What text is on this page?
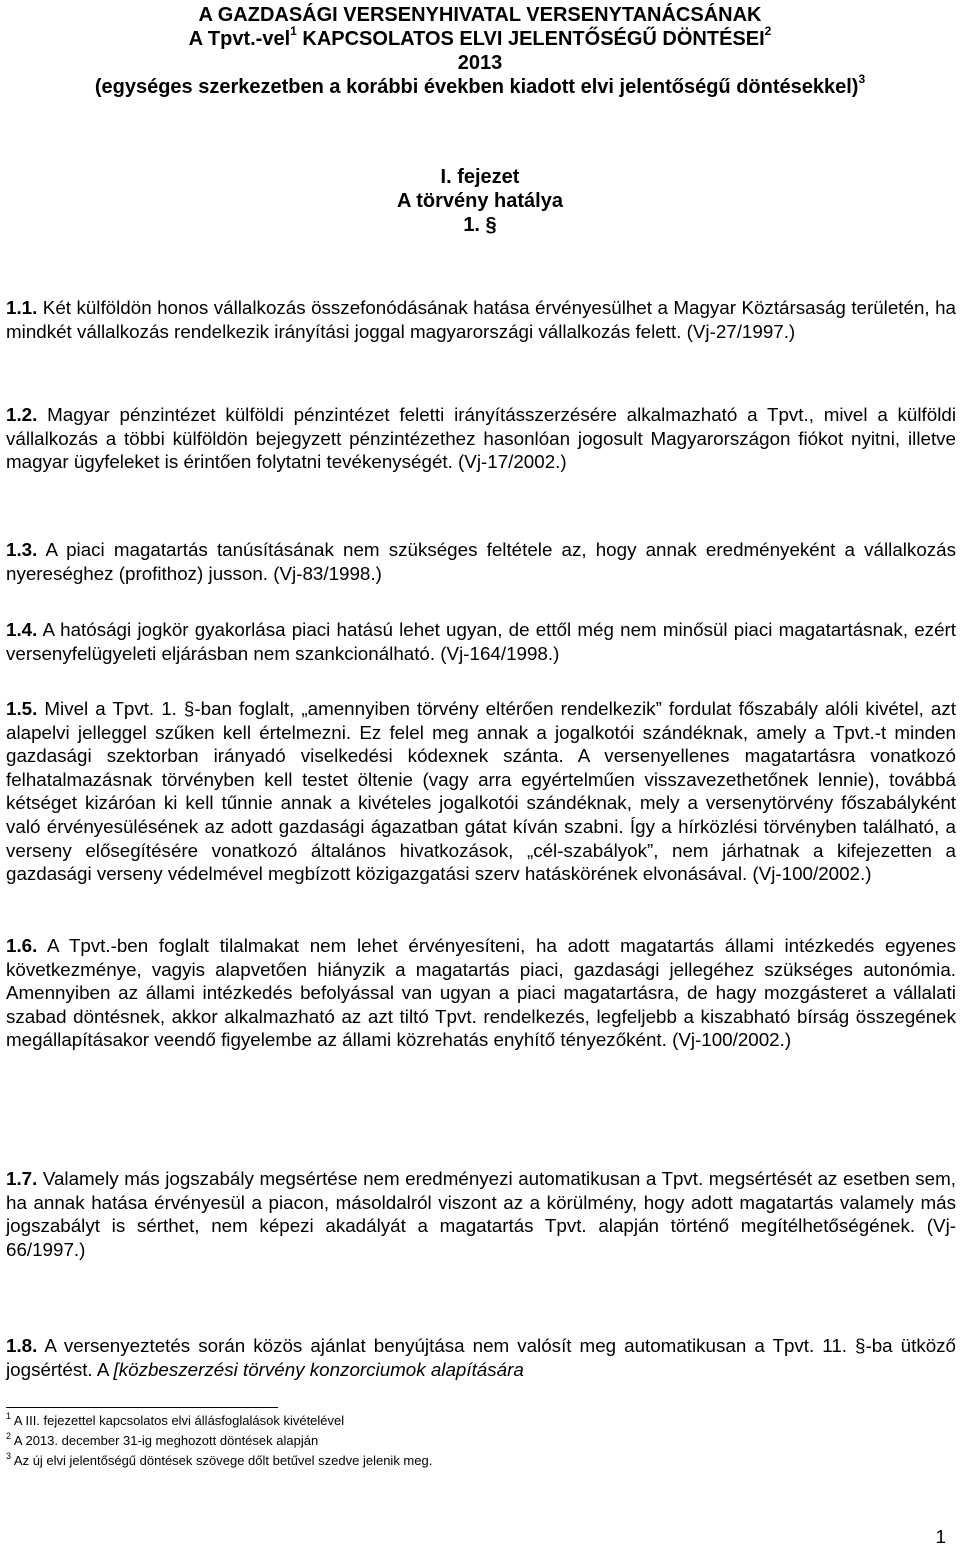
A GAZDASÁGI VERSENYHIVATAL VERSENYTANÁCSÁNAK
A Tpvt.-vel$^1$ KAPCSOLATOS ELVI JELENTŐSÉGŰ DÖNTÉSEI$^2$
2013
(egységes szerkezetben a korábbi években kiadott elvi jelentőségű döntésekkel)$^3$
I. fejezet
A törvény hatálya
1. §
1.1. Két külföldön honos vállalkozás összefonódásának hatása érvényesülhet a Magyar Köztársaság területén, ha mindkét vállalkozás rendelkezik irányítási joggal magyarországi vállalkozás felett. (Vj-27/1997.)
1.2. Magyar pénzintézet külföldi pénzintézet feletti irányításszerzésére alkalmazható a Tpvt., mivel a külföldi vállalkozás a többi külföldön bejegyzett pénzintézethez hasonlóan jogosult Magyarországon fiókot nyitni, illetve magyar ügyfeleket is érintően folytatni tevékenységét. (Vj-17/2002.)
1.3. A piaci magatartás tanúsításának nem szükséges feltétele az, hogy annak eredményeként a vállalkozás nyereséghez (profithoz) jusson. (Vj-83/1998.)
1.4. A hatósági jogkör gyakorlása piaci hatású lehet ugyan, de ettől még nem minősül piaci magatartásnak, ezért versenyfelügyeleti eljárásban nem szankcionálható. (Vj-164/1998.)
1.5. Mivel a Tpvt. 1. §-ban foglalt, „amennyiben törvény eltérően rendelkezik” fordulat főszabály alóli kivétel, azt alapelvi jelleggel szűken kell értelmezni. Ez felel meg annak a jogalkotói szándéknak, amely a Tpvt.-t minden gazdasági szektorban irányadó viselkedési kódexnek szánta. A versenyellenes magatartásra vonatkozó felhatalmazásnak törvényben kell testet öltenie (vagy arra egyértelműen visszavezethetőnek lennie), továbbá kétséget kizáróan ki kell tűnnie annak a kivételes jogalkotói szándéknak, mely a versenytörvény főszabályként való érvényesülésének az adott gazdasági ágazatban gátat kíván szabni. Így a hírközlési törvényben található, a verseny elősegítésére vonatkozó általános hivatkozások, „cél-szabályok”, nem járhatnak a kifejezetten a gazdasági verseny védelmével megbízott közigazgatási szerv hatáskörének elvonásával. (Vj-100/2002.)
1.6. A Tpvt.-ben foglalt tilalmakat nem lehet érvényesíteni, ha adott magatartás állami intézkedés egyenes következménye, vagyis alapvetően hiányzik a magatartás piaci, gazdasági jellegéhez szükséges autonómia. Amennyiben az állami intézkedés befolyással van ugyan a piaci magatartásra, de hagy mozgásteret a vállalati szabad döntésnek, akkor alkalmazható az azt tiltó Tpvt. rendelkezés, legfeljebb a kiszabható bírság összegének megállapításakor veendő figyelembe az állami közrehatás enyhítő tényezőként. (Vj-100/2002.)
1.7. Valamely más jogszabály megsértése nem eredményezi automatikusan a Tpvt. megsértését az esetben sem, ha annak hatása érvényesül a piacon, másoldalról viszont az a körülmény, hogy adott magatartás valamely más jogszabályt is sérthet, nem képezi akadályát a magatartás Tpvt. alapján történő megítélhetőségének. (Vj-66/1997.)
1.8. A versenyeztetés során közös ajánlat benyújtása nem valósít meg automatikusan a Tpvt. 11. §-ba ütköző jogsértést. A [közbeszerzési törvény konzorciumok alapítására
$^1$ A III. fejezettel kapcsolatos elvi állásfoglalások kivételével
$^2$ A 2013. december 31-ig meghozott döntések alapján
$^3$ Az új elvi jelentőségű döntések szövege dőlt betűvel szedve jelenik meg.
1
